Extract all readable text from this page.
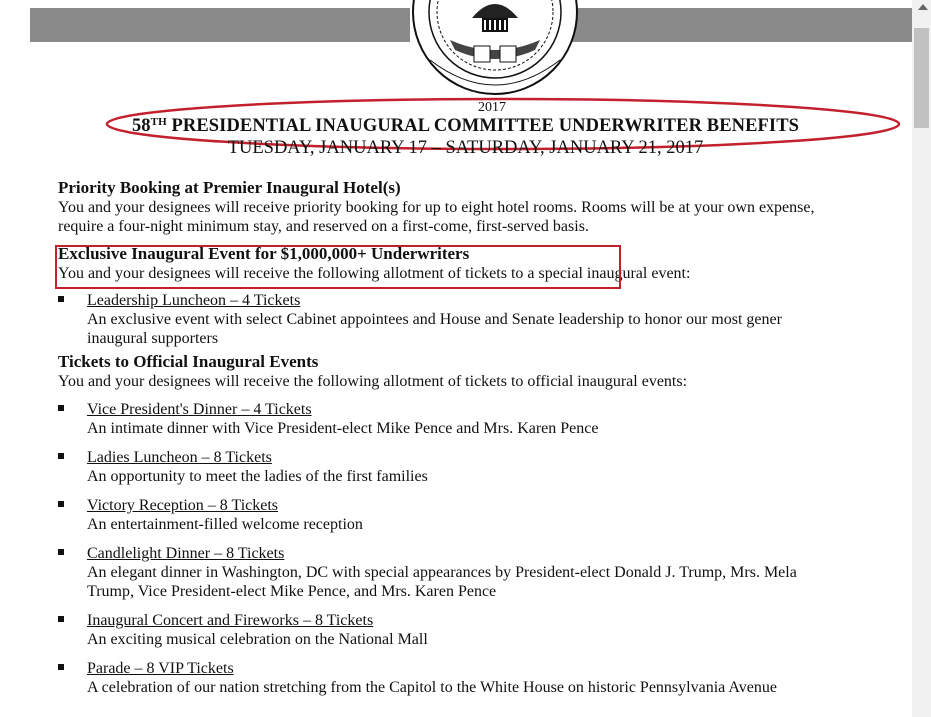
2017
58TH PRESIDENTIAL INAUGURAL COMMITTEE UNDERWRITER BENEFITS
TUESDAY, JANUARY 17 – SATURDAY, JANUARY 21, 2017
Priority Booking at Premier Inaugural Hotel(s)
You and your designees will receive priority booking for up to eight hotel rooms. Rooms will be at your own expense,
require a four-night minimum stay, and reserved on a first-come, first-served basis.
Exclusive Inaugural Event for $1,000,000+ Underwriters
You and your designees will receive the following allotment of tickets to a special inaugural event:
Leadership Luncheon – 4 Tickets
An exclusive event with select Cabinet appointees and House and Senate leadership to honor our most gener
inaugural supporters
Tickets to Official Inaugural Events
You and your designees will receive the following allotment of tickets to official inaugural events:
Vice President's Dinner – 4 Tickets
An intimate dinner with Vice President-elect Mike Pence and Mrs. Karen Pence
Ladies Luncheon – 8 Tickets
An opportunity to meet the ladies of the first families
Victory Reception – 8 Tickets
An entertainment-filled welcome reception
Candlelight Dinner – 8 Tickets
An elegant dinner in Washington, DC with special appearances by President-elect Donald J. Trump, Mrs. Mela
Trump, Vice President-elect Mike Pence, and Mrs. Karen Pence
Inaugural Concert and Fireworks – 8 Tickets
An exciting musical celebration on the National Mall
Parade – 8 VIP Tickets
A celebration of our nation stretching from the Capitol to the White House on historic Pennsylvania Avenue
